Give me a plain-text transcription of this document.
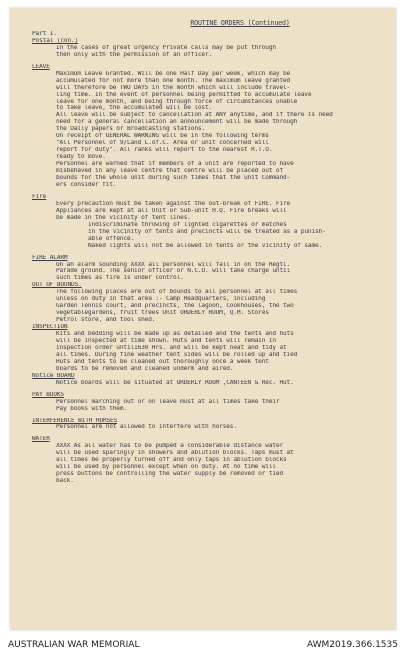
ROUTINE ORDERS (Continued)
Part I.
Postal (con.)
In the cases of great urgency Private calls may be put through
then only with the permission of an officer.
LEAVE
Maximum Leave Granted. Will be one Half Day per week, which may be
accumulated for not more than one month. The maximum leave granted
will therefore be TWO DAYS in the month which will include travel-
ling time. In the event of personnel being permitted to accumulate leave
leave for one month, and being through force of circumstances unable
to take leave, the accumulated will be lost.
All leave will be subject to cancellation at ANY anytime, and if there is need
need for a general cancellation an announcement will be made through
the Daily papers or Broadcasting stations.
On receipt of GENERAL WARNING will be in the following terms
"All Personnel of 9/Land L.of.C. Area or unit concerned will
report for duty". All ranks will report to the nearest R.T.O.
ready to move.
Personnel are warned that if members of a unit are reported to have
misbehaved in any leave centre that centre will be placed out of
bounds for the whole unit during such times that the unit Command-
ers consider fit.
Fire
Every precaution must be taken against the out-break of FIRE. Fire
Appliances are kept at all Unit or Sub-unit H.Q. Fire breaks will
be made in the vicinity of tent lines.
Indiscriminate throwing of lighted cigarettes or matches
in the vicinity of tents and precincts will be treated as a punish-
able offence.
Naked lights will not be allowed in tents or the vicinity of same.
FIRE ALARM
On an alarm sounding XXXX all personnel will fall in on the Regtl.
Parade ground. The senior officer or N.C.O. will take charge until
such times as fire is under control.
OUT OF BOUNDS.
The following places are out of bounds to all personnel at all times
unless on duty in that area :- Camp Headquarters, including
Garden Tennis court, and precincts, the lagoon, Cookhouses, the two
vegetablegardens, fruit trees Unit ORDERLY ROOM, Q.M. Stores
Petrol store, and tool shed.
INSPECTION
Kits and bedding will be made up as detailed and the tents and huts
will be inspected at time shown. Huts and tents will remain in
inspection order until1630 Hrs. and will be kept neat and tidy at
all times. During fine weather tent sides will be rolled up and tied
Huts and tents to be cleaned out thoroughly once a week tent
boards to be removed and cleaned underm and aired.
Notice BOARD
Notice boards will be situated at ORDERLY ROOM ,CANTEEN & Rec. Hut.
PAY BOOKS
Personnel marching out or on leave must at all times take their
Pay books with them.
INTERFERENCE WITH HORSES
Personnel are not allowed to interfere with horses.
WATER
XXXX As all water has to be pumped a considerable distance water
will be used sparingly in showers and ablution blocks. Taps must at
all times be properly turned off and only taps in ablution blocks
will be used by personnel except when on duty. At no time will
press buttons be controlling the water supply be removed or tied
back.
AUSTRALIAN WAR MEMORIAL	AWM2019.366.1535
